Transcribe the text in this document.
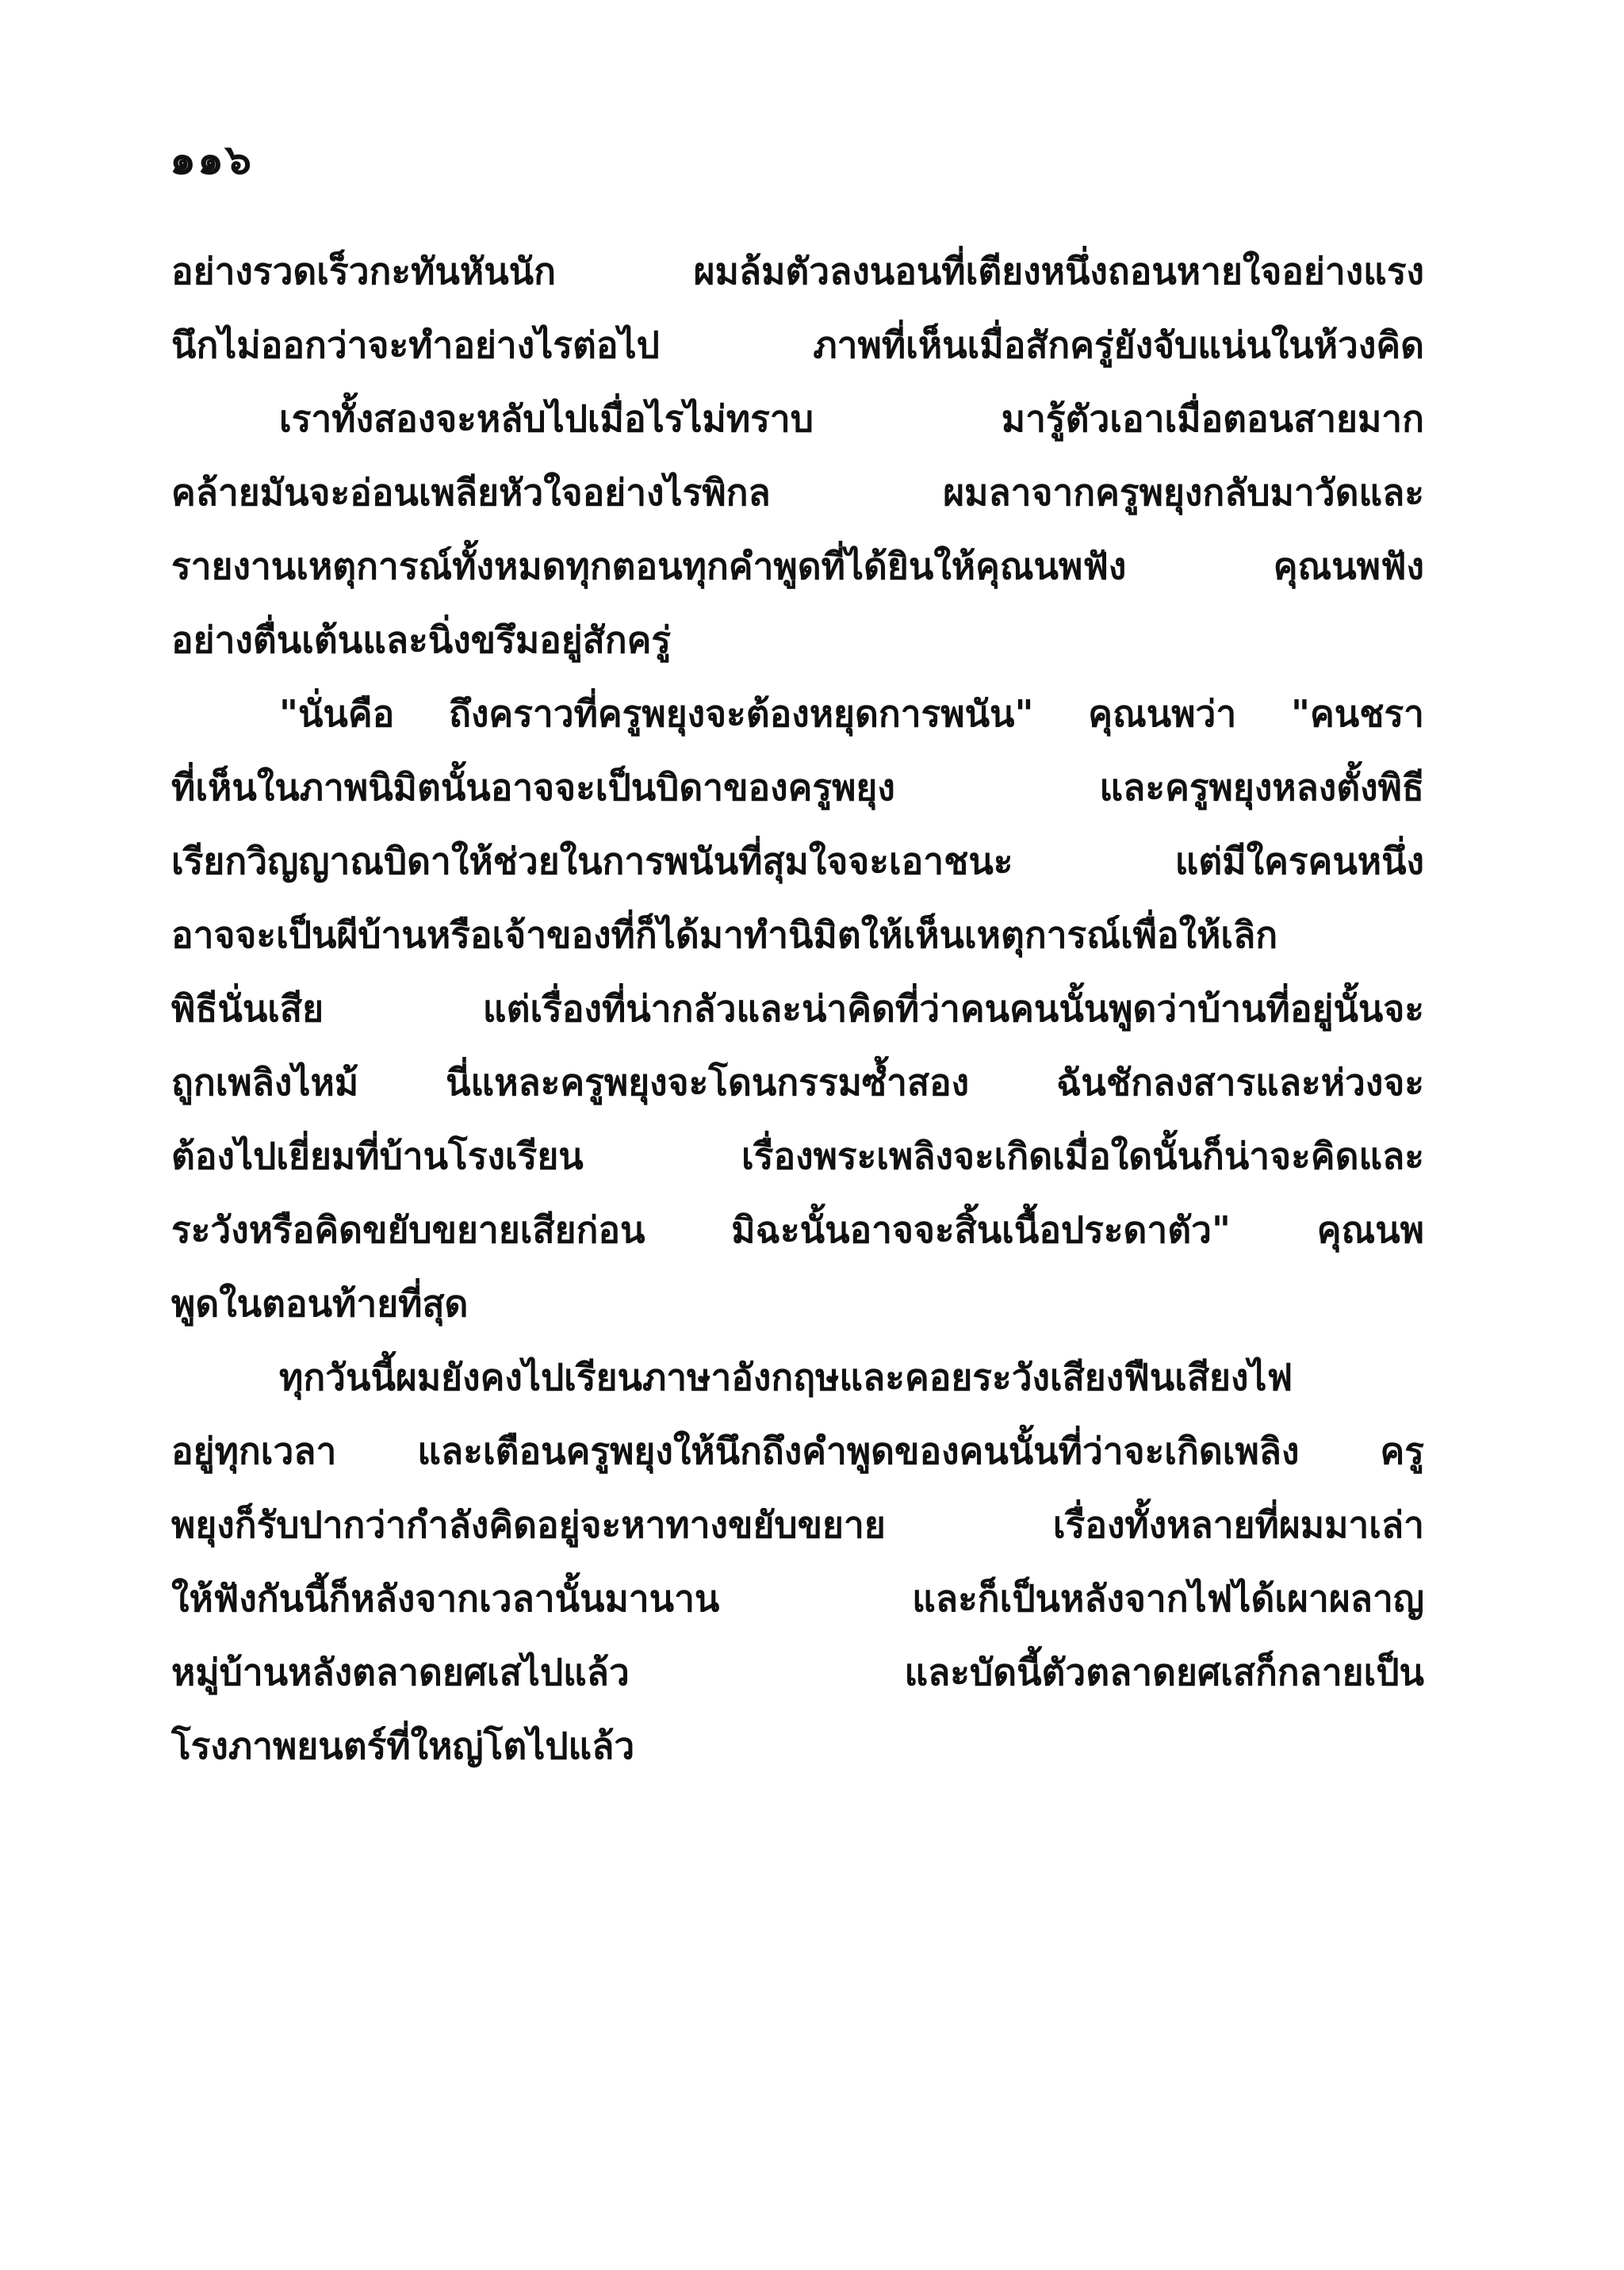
๑๑๖
อย่างรวดเร็วกะทันหันนัก ผมล้มตัวลงนอนที่เตียงหนึ่งถอนหายใจอย่างแรง
นึกไม่ออกว่าจะทำอย่างไรต่อไป ภาพที่เห็นเมื่อสักครู่ยังจับแน่นในห้วงคิด
เราทั้งสองจะหลับไปเมื่อไรไม่ทราบ มารู้ตัวเอาเมื่อตอนสายมาก
คล้ายมันจะอ่อนเพลียหัวใจอย่างไรพิกล ผมลาจากครูพยุงกลับมาวัดและ
รายงานเหตุการณ์ทั้งหมดทุกตอนทุกคำพูดที่ได้ยินให้คุณนพฟัง คุณนพฟัง
อย่างตื่นเต้นและนิ่งขรึมอยู่สักครู่
"นั่นคือ ถึงคราวที่ครูพยุงจะต้องหยุดการพนัน" คุณนพว่า "คนชรา
ที่เห็นในภาพนิมิตนั้นอาจจะเป็นบิดาของครูพยุง และครูพยุงหลงตั้งพิธี
เรียกวิญญาณบิดาให้ช่วยในการพนันที่สุมใจจะเอาชนะ แต่มีใครคนหนึ่ง
อาจจะเป็นผีบ้านหรือเจ้าของที่ก็ได้มาทำนิมิตให้เห็นเหตุการณ์เพื่อให้เลิก
พิธีนั่นเสีย แต่เรื่องที่น่ากลัวและน่าคิดที่ว่าคนคนนั้นพูดว่าบ้านที่อยู่นั้นจะ
ถูกเพลิงไหม้ นี่แหละครูพยุงจะโดนกรรมซ้ำสอง ฉันชักลงสารและห่วงจะ
ต้องไปเยี่ยมที่บ้านโรงเรียน เรื่องพระเพลิงจะเกิดเมื่อใดนั้นก็น่าจะคิดและ
ระวังหรือคิดขยับขยายเสียก่อน มิฉะนั้นอาจจะสิ้นเนื้อประดาตัว" คุณนพ
พูดในตอนท้ายที่สุด
ทุกวันนี้ผมยังคงไปเรียนภาษาอังกฤษและคอยระวังเสียงฟืนเสียงไฟ
อยู่ทุกเวลา และเตือนครูพยุงให้นึกถึงคำพูดของคนนั้นที่ว่าจะเกิดเพลิง ครู
พยุงก็รับปากว่ากำลังคิดอยู่จะหาทางขยับขยาย เรื่องทั้งหลายที่ผมมาเล่า
ให้ฟังกันนี้ก็หลังจากเวลานั้นมานาน และก็เป็นหลังจากไฟได้เผาผลาญ
หมู่บ้านหลังตลาดยศเสไปแล้ว และบัดนี้ตัวตลาดยศเสก็กลายเป็น
โรงภาพยนตร์ที่ใหญ่โตไปแล้ว
